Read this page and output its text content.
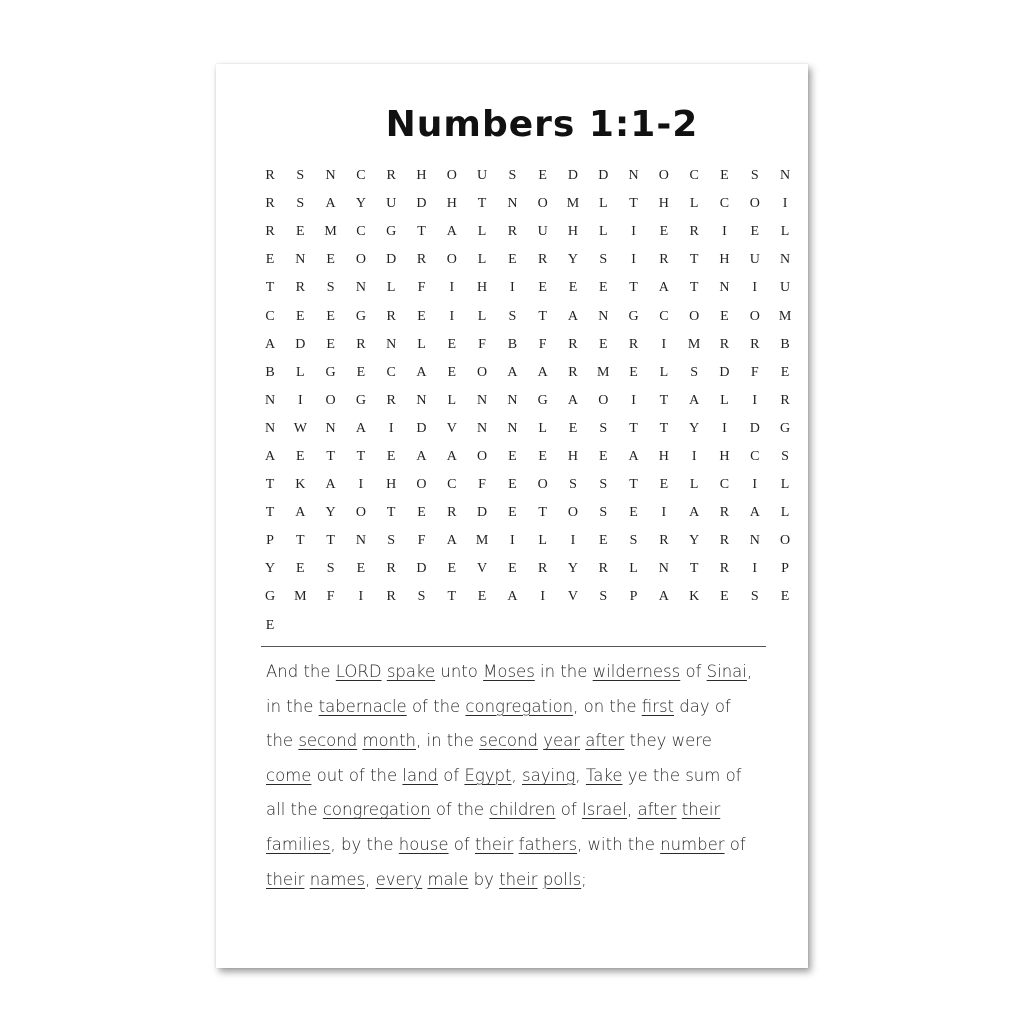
Numbers 1:1-2
R	S	N	C	R	H	O	U	S	E	D	D	N	O	C	E	S	N
R	S	A	Y	U	D	H	T	N	O	M	L	T	H	L	C	O	I
R	E	M	C	G	T	A	L	R	U	H	L	I	E	R	I	E	L
E	N	E	O	D	R	O	L	E	R	Y	S	I	R	T	H	U	N
T	R	S	N	L	F	I	H	I	E	E	E	T	A	T	N	I	U
C	E	E	G	R	E	I	L	S	T	A	N	G	C	O	E	O	M
A	D	E	R	N	L	E	F	B	F	R	E	R	I	M	R	R	B
B	L	G	E	C	A	E	O	A	A	R	M	E	L	S	D	F	E
N	I	O	G	R	N	L	N	N	G	A	O	I	T	A	L	I	R
N	W	N	A	I	D	V	N	N	L	E	S	T	T	Y	I	D	G
A	E	T	T	E	A	A	O	E	E	H	E	A	H	I	H	C	S
T	K	A	I	H	O	C	F	E	O	S	S	T	E	L	C	I	L
T	A	Y	O	T	E	R	D	E	T	O	S	E	I	A	R	A	L
P	T	T	N	S	F	A	M	I	L	I	E	S	R	Y	R	N	O
Y	E	S	E	R	D	E	V	E	R	Y	R	L	N	T	R	I	P
G	M	F	I	R	S	T	E	A	I	V	S	P	A	K	E	S	E
E
And the LORD spake unto Moses in the wilderness of Sinai,
in the tabernacle of the congregation, on the first day of
the second month, in the second year after they were
come out of the land of Egypt, saying, Take ye the sum of
all the congregation of the children of Israel, after their
families, by the house of their fathers, with the number of
their names, every male by their polls;
